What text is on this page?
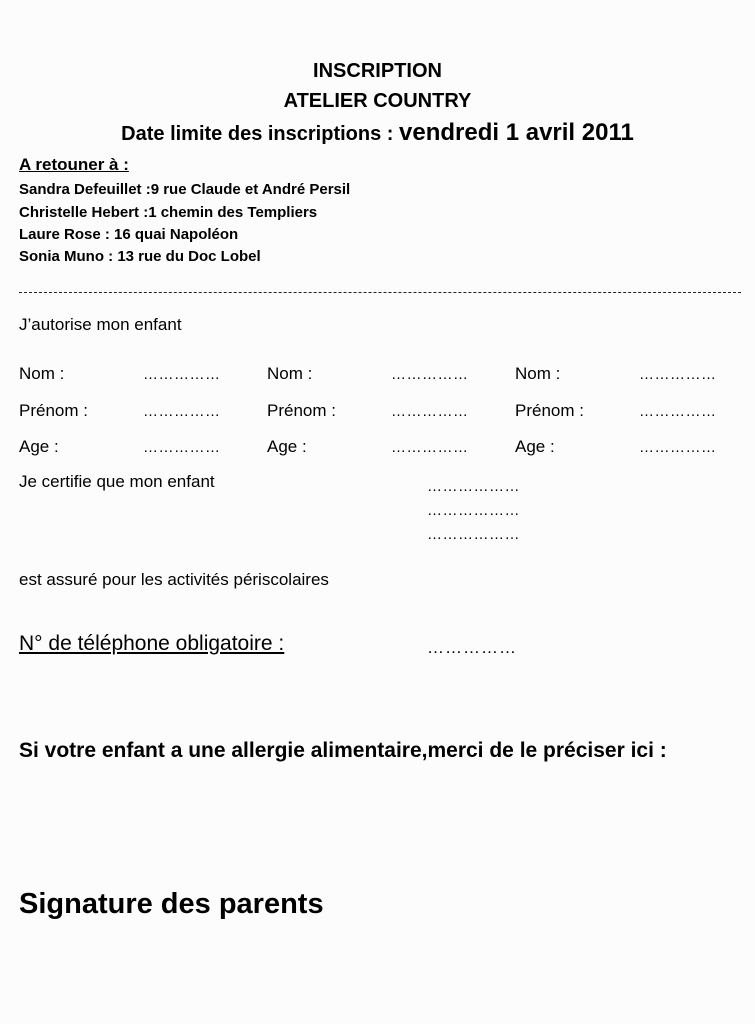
INSCRIPTION
ATELIER COUNTRY
Date limite des inscriptions : vendredi 1 avril 2011
A retouner à :
Sandra Defeuillet :9 rue Claude et André Persil
Christelle Hebert :1 chemin des Templiers
Laure Rose : 16 quai Napoléon
Sonia Muno : 13 rue du Doc Lobel
J’autorise mon enfant
Nom :	……………
Prénom :	……………
Age :	……………
Nom :	……………
Prénom :	……………
Age :	……………
Nom :	……………
Prénom :	……………
Age :	……………
Je certifie que mon enfant	………………
………………
………………
est assuré pour les activités périscolaires
N° de téléphone obligatoire :	……………
Si votre enfant a une allergie alimentaire,merci de le préciser ici :
Signature des parents
